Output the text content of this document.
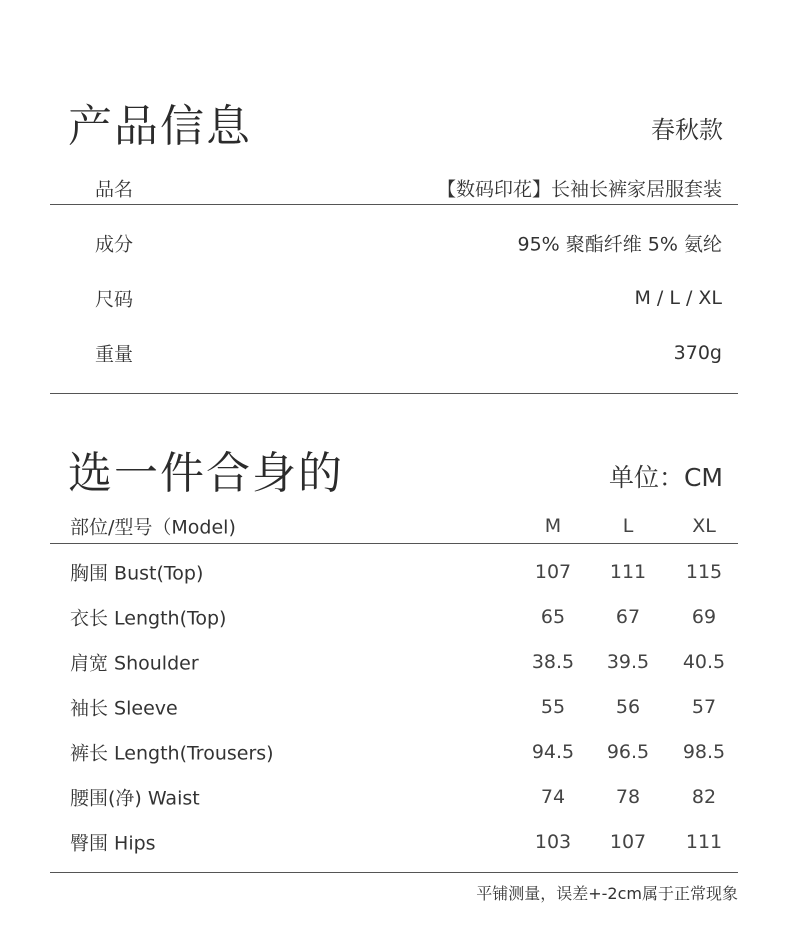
产品信息	春秋款
品名	【数码印花】长袖长裤家居服套装
成分	95% 聚酯纤维 5% 氨纶
尺码	M / L / XL
重量	370g
选一件合身的	单位：CM
部位/型号（Model)	M	L	XL
胸围 Bust(Top)	107 111 115
衣长 Length(Top)	65	67	69
肩宽 Shoulder	38.5 39.5 40.5
袖长 Sleeve	55	56	57
裤长 Length(Trousers)	94.5 96.5 98.5
腰围(净) Waist	74	78	82
臀围 Hips	103 107 111
平铺测量，误差+-2cm属于正常现象
